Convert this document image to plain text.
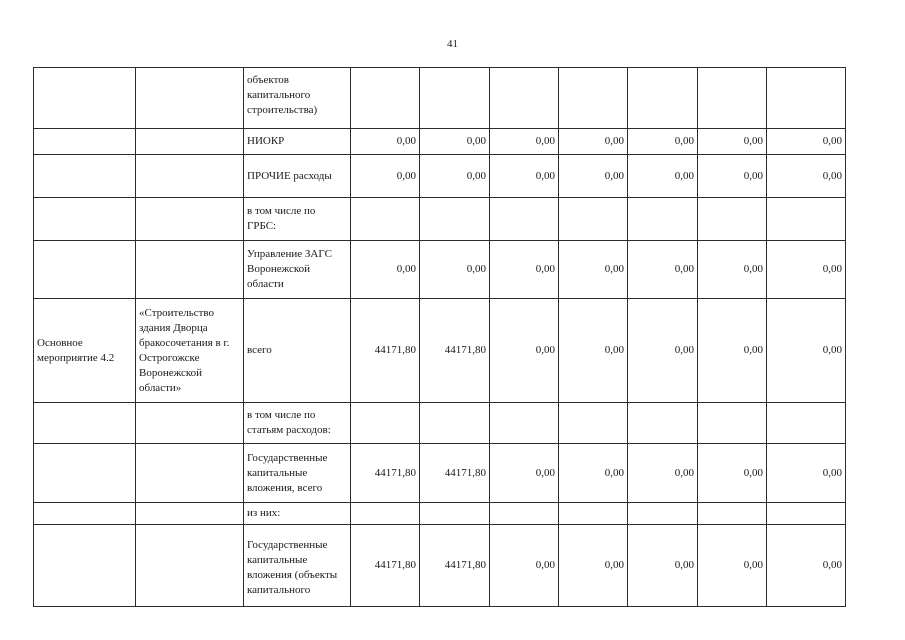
41

		объектов капитального строительства)							

		НИОКР	0,00	0,00	0,00	0,00	0,00	0,00	0,00
		ПРОЧИЕ расходы	0,00	0,00	0,00	0,00	0,00	0,00	0,00
		в том числе по ГРБС:							
		Управление ЗАГС Воронежской области	0,00	0,00	0,00	0,00	0,00	0,00	0,00
Основное мероприятие 4.2	«Строительство здания Дворца бракосочетания в г. Острогожске Воронежской области»	всего	44171,80	44171,80	0,00	0,00	0,00	0,00	0,00
		в том числе по статьям расходов:							
		Государственные капитальные вложения, всего	44171,80	44171,80	0,00	0,00	0,00	0,00	0,00
		из них:							

		Государственные капитальные вложения (объекты капитального	44171,80	44171,80	0,00	0,00	0,00	0,00	0,00
